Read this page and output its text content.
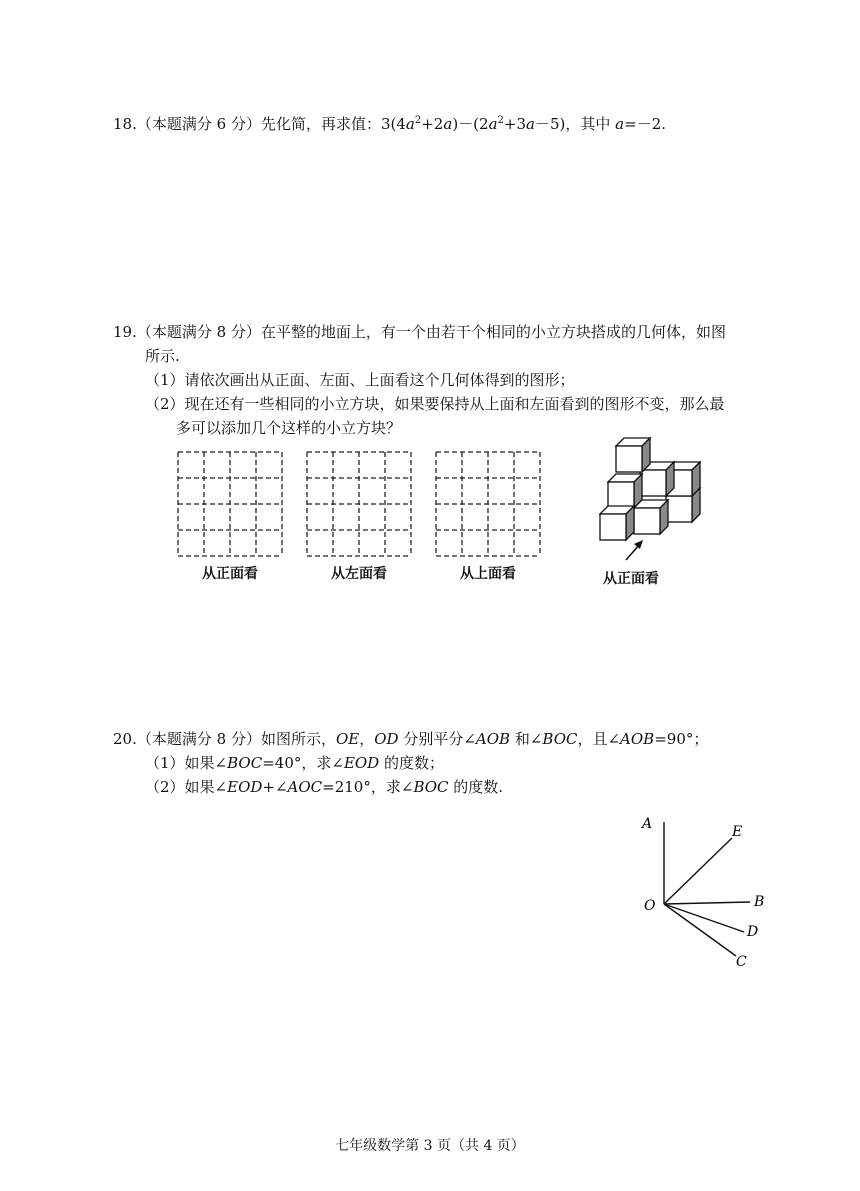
18.（本题满分 6 分）先化简，再求值：$3(4a^2+2a)-(2a^2+3a-5)$，其中 a=－2.
19.（本题满分 8 分）在平整的地面上，有一个由若干个相同的小立方块搭成的几何体，如图
所示.
（1）请依次画出从正面、左面、上面看这个几何体得到的图形；
（2）现在还有一些相同的小立方块，如果要保持从上面和左面看到的图形不变，那么最
多可以添加几个这样的小立方块？
从正面看	从左面看	从上面看	从正面看
20.（本题满分 8 分）如图所示，OE，OD 分别平分∠AOB 和∠BOC，且∠AOB=90°；
（1）如果∠BOC=40°，求∠EOD 的度数；
（2）如果∠EOD+∠AOC=210°，求∠BOC 的度数.
A	E
O	B
D
C
七年级数学第 3 页（共 4 页）
